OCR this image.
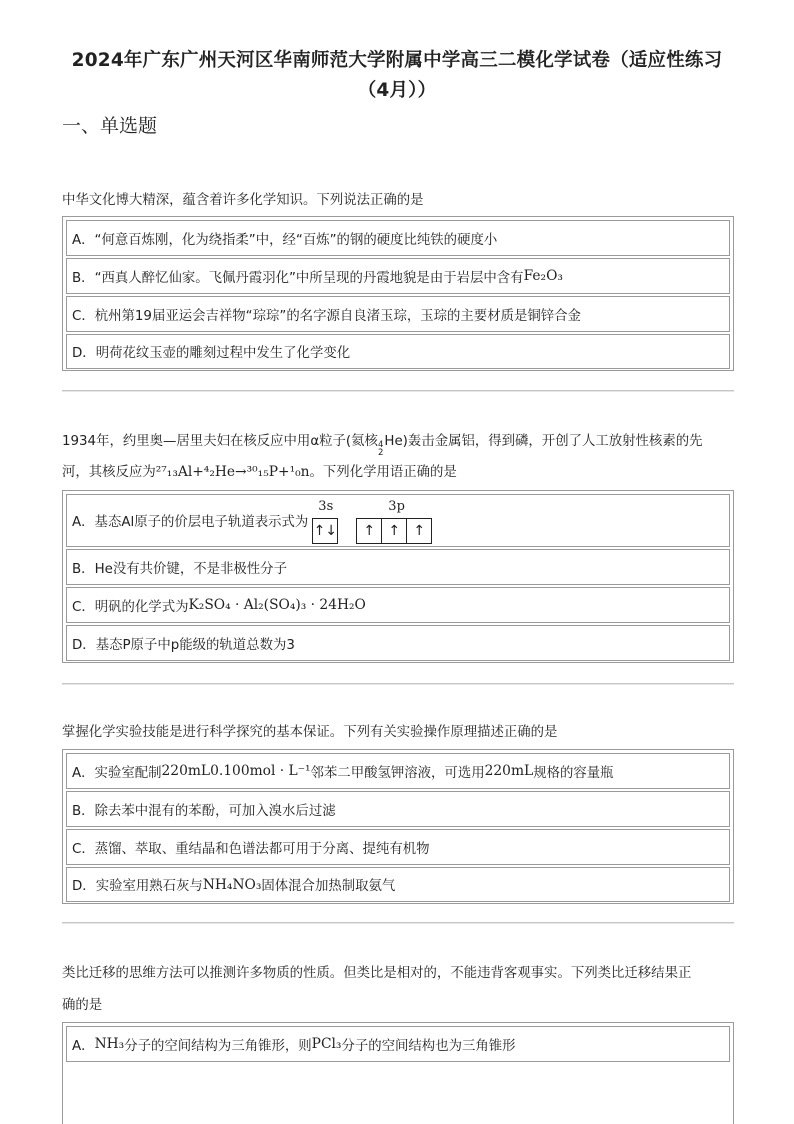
2024年广东广州天河区华南师范大学附属中学高三二模化学试卷（适应性练习
（4月））
一、单选题
中华文化博大精深，蕴含着许多化学知识。下列说法正确的是
A．“何意百炼刚，化为绕指柔”中，经“百炼”的钢的硬度比纯铁的硬度小
B．“西真人醉忆仙家。飞佩丹霞羽化”中所呈现的丹霞地貌是由于岩层中含有 Fe₂O₃
C．杭州第19届亚运会吉祥物“琮琮”的名字源自良渚玉琮，玉琮的主要材质是铜锌合金
D．明荷花纹玉壶的雕刻过程中发生了化学变化
1934年，约里奥—居里夫妇在核反应中用α粒子(氦核 4
2
He)轰击金属铝，得到磷，开创了人工放射性核素的先
河，其核反应为²⁷₁₃Al+⁴₂He→³⁰₁₅P+¹₀n。下列化学用语正确的是
A．基态Al原子的价层电子轨道表示式为
3s	3p
↑↓	↑ ↑ ↑
B．He没有共价键，不是非极性分子
C．明矾的化学式为 K₂SO₄ · Al₂(SO₄)₃ · 24H₂O
D．基态P原子中p能级的轨道总数为3
掌握化学实验技能是进行科学探究的基本保证。下列有关实验操作原理描述正确的是
A．实验室配制 220mL0.100mol · L⁻¹ 邻苯二甲酸氢钾溶液，可选用 220mL 规格的容量瓶
B．除去苯中混有的苯酚，可加入溴水后过滤
C．蒸馏、萃取、重结晶和色谱法都可用于分离、提纯有机物
D．实验室用熟石灰与 NH₄NO₃ 固体混合加热制取氨气
类比迁移的思维方法可以推测许多物质的性质。但类比是相对的，不能违背客观事实。下列类比迁移结果正
确的是
A． NH₃ 分子的空间结构为三角锥形，则 PCl₃ 分子的空间结构也为三角锥形
